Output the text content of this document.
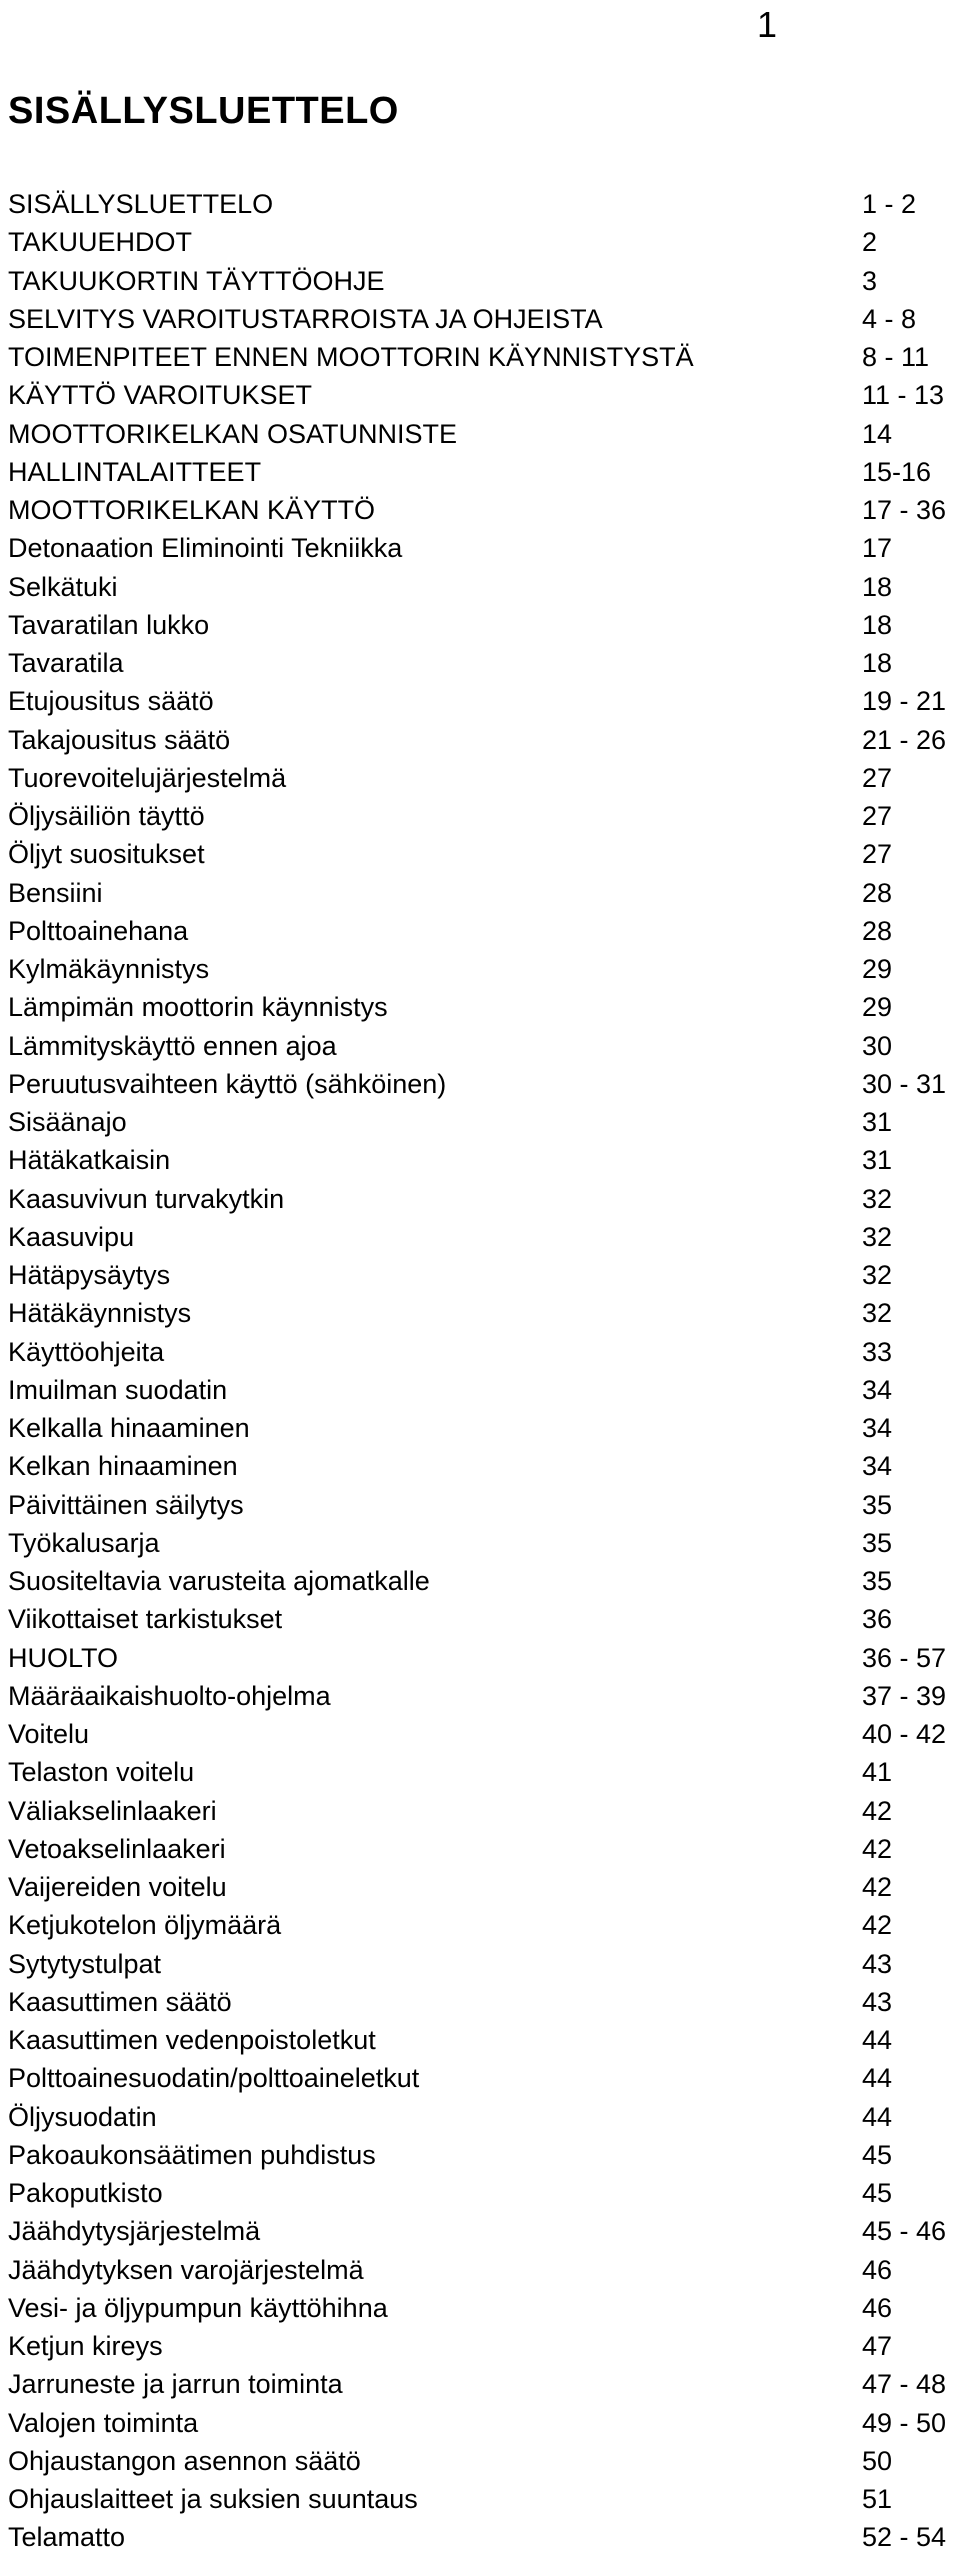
1
SISÄLLYSLUETTELO
SISÄLLYSLUETTELO	1 - 2
TAKUUEHDOT	2
TAKUUKORTIN TÄYTTÖOHJE	3
SELVITYS VAROITUSTARROISTA JA OHJEISTA	4 - 8
TOIMENPITEET ENNEN MOOTTORIN KÄYNNISTYSTÄ	8 - 11
KÄYTTÖ VAROITUKSET	11 - 13
MOOTTORIKELKAN OSATUNNISTE	14
HALLINTALAITTEET	15-16
MOOTTORIKELKAN KÄYTTÖ	17 - 36
Detonaation Eliminointi Tekniikka	17
Selkätuki	18
Tavaratilan lukko	18
Tavaratila	18
Etujousitus säätö	19 - 21
Takajousitus säätö	21 - 26
Tuorevoitelujärjestelmä	27
Öljysäiliön täyttö	27
Öljyt suositukset	27
Bensiini	28
Polttoainehana	28
Kylmäkäynnistys	29
Lämpimän moottorin käynnistys	29
Lämmityskäyttö ennen ajoa	30
Peruutusvaihteen käyttö (sähköinen)	30 - 31
Sisäänajo	31
Hätäkatkaisin	31
Kaasuvivun turvakytkin	32
Kaasuvipu	32
Hätäpysäytys	32
Hätäkäynnistys	32
Käyttöohjeita	33
Imuilman suodatin	34
Kelkalla hinaaminen	34
Kelkan hinaaminen	34
Päivittäinen säilytys	35
Työkalusarja	35
Suositeltavia varusteita ajomatkalle	35
Viikottaiset tarkistukset	36
HUOLTO	36 - 57
Määräaikaishuolto-ohjelma	37 - 39
Voitelu	40 - 42
Telaston voitelu	41
Väliakselinlaakeri	42
Vetoakselinlaakeri	42
Vaijereiden voitelu	42
Ketjukotelon öljymäärä	42
Sytytystulpat	43
Kaasuttimen säätö	43
Kaasuttimen vedenpoistoletkut	44
Polttoainesuodatin/polttoaineletkut	44
Öljysuodatin	44
Pakoaukonsäätimen puhdistus	45
Pakoputkisto	45
Jäähdytysjärjestelmä	45 - 46
Jäähdytyksen varojärjestelmä	46
Vesi- ja öljypumpun käyttöhihna	46
Ketjun kireys	47
Jarruneste ja jarrun toiminta	47 - 48
Valojen toiminta	49 - 50
Ohjaustangon asennon säätö	50
Ohjauslaitteet ja suksien suuntaus	51
Telamatto	52 - 54
